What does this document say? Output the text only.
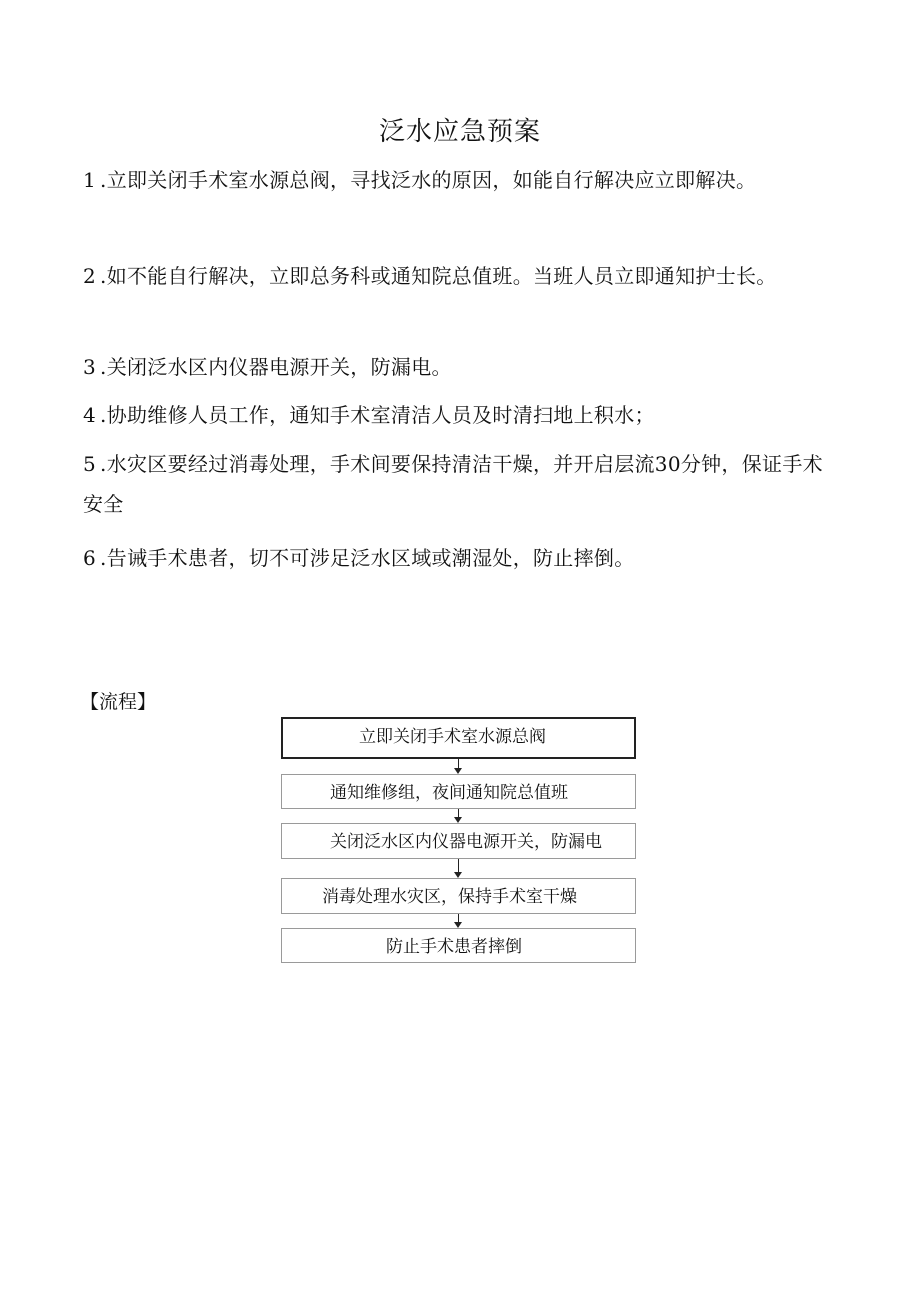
泛水应急预案
1 .立即关闭手术室水源总阀，寻找泛水的原因，如能自行解决应立即解决。
2 .如不能自行解决，立即总务科或通知院总值班。当班人员立即通知护士长。
3 .关闭泛水区内仪器电源开关，防漏电。
4 .协助维修人员工作，通知手术室清洁人员及时清扫地上积水；
5 .水灾区要经过消毒处理，手术间要保持清洁干燥，并开启层流30分钟，保证手术安全
6 .告诫手术患者，切不可涉足泛水区域或潮湿处，防止摔倒。
【流程】
立即关闭手术室水源总阀
通知维修组，夜间通知院总值班
关闭泛水区内仪器电源开关，防漏电
消毒处理水灾区，保持手术室干燥
防止手术患者摔倒
